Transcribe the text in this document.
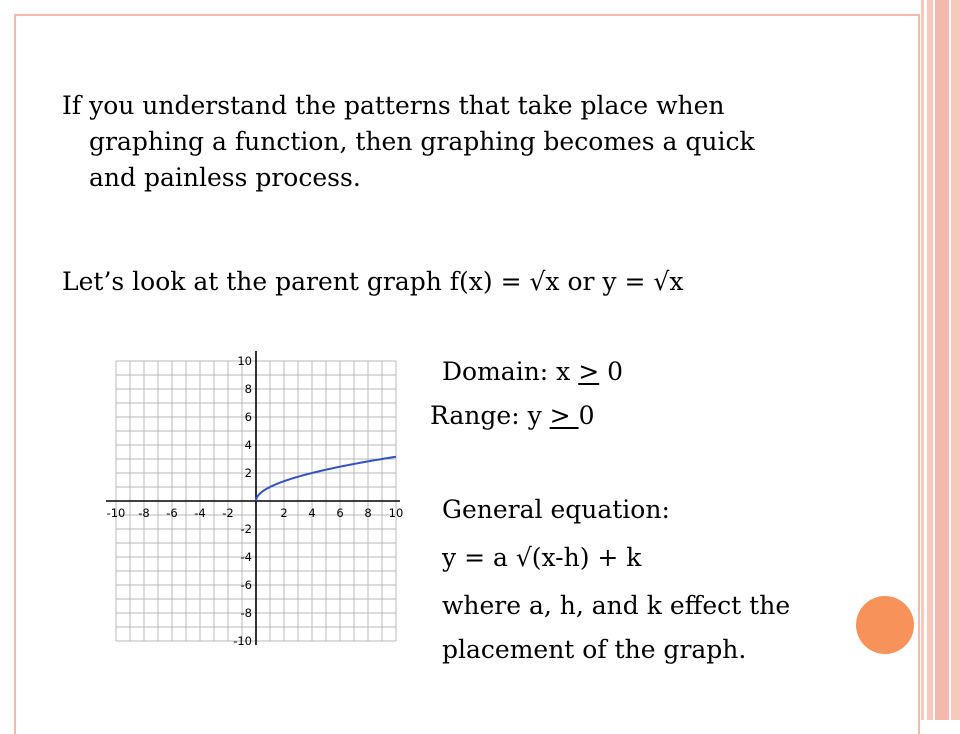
If you understand the patterns that take place when
graphing a function, then graphing becomes a quick
and painless process.
Let’s look at the parent graph f(x) = √x or y = √x
Domain: x > 0
Range: y > 0
General equation:
y = a √(x-h) + k
where a, h, and k effect the
placement of the graph.
-10 -8 -6 -4 -2	2 4 6 8 10
10
8
6
4
2
-2
-4
-6
-8
-10
